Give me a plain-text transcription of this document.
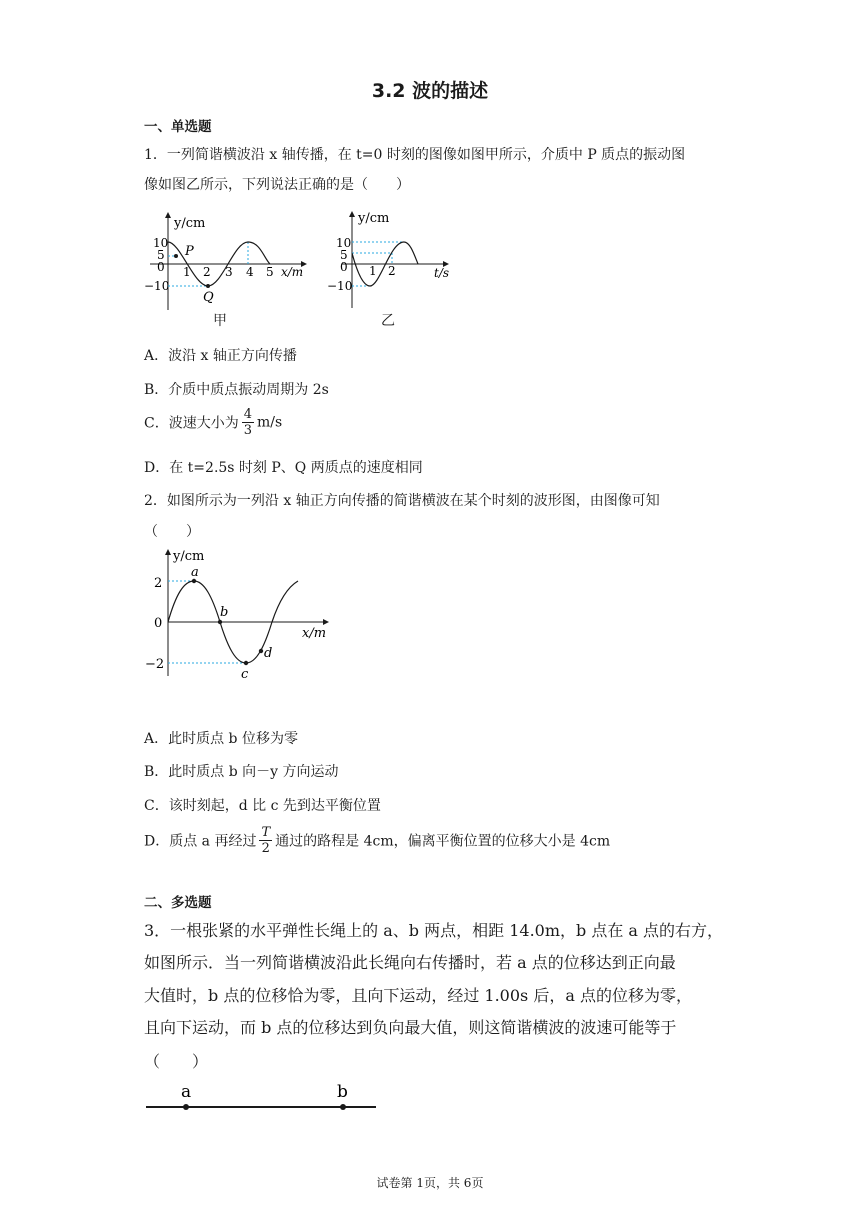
3.2 波的描述
一、单选题
1．一列简谐横波沿 x 轴传播，在 t=0 时刻的图像如图甲所示，介质中 P 质点的振动图
像如图乙所示，下列说法正确的是（　　）
y/cm
x/m
10
5
0
−10
1 2 3 4 5
P
Q
甲
y/cm
t/s
10
5
0
−10
1 2
乙
A．波沿 x 轴正方向传播
B．介质中质点振动周期为 2s
C．波速大小为 $\frac{4}{3} m/s$
D．在 t=2.5s 时刻 P、Q 两质点的速度相同
2．如图所示为一列沿 x 轴正方向传播的简谐横波在某个时刻的波形图，由图像可知
（　　）
y/cm
x/m
2
0
−2
a
b
c
d
A．此时质点 b 位移为零
B．此时质点 b 向－y 方向运动
C．该时刻起，d 比 c 先到达平衡位置
D．质点 a 再经过 $\frac{T}{2}$ 通过的路程是 4cm，偏离平衡位置的位移大小是 4cm
二、多选题
3．一根张紧的水平弹性长绳上的 a、b 两点，相距 14.0m，b 点在 a 点的右方，
如图所示．当一列简谐横波沿此长绳向右传播时，若 a 点的位移达到正向最
大值时，b 点的位移恰为零，且向下运动，经过 1.00s 后，a 点的位移为零，
且向下运动，而 b 点的位移达到负向最大值，则这简谐横波的波速可能等于
（　　）
a	b
试卷第 1页，共 6页
